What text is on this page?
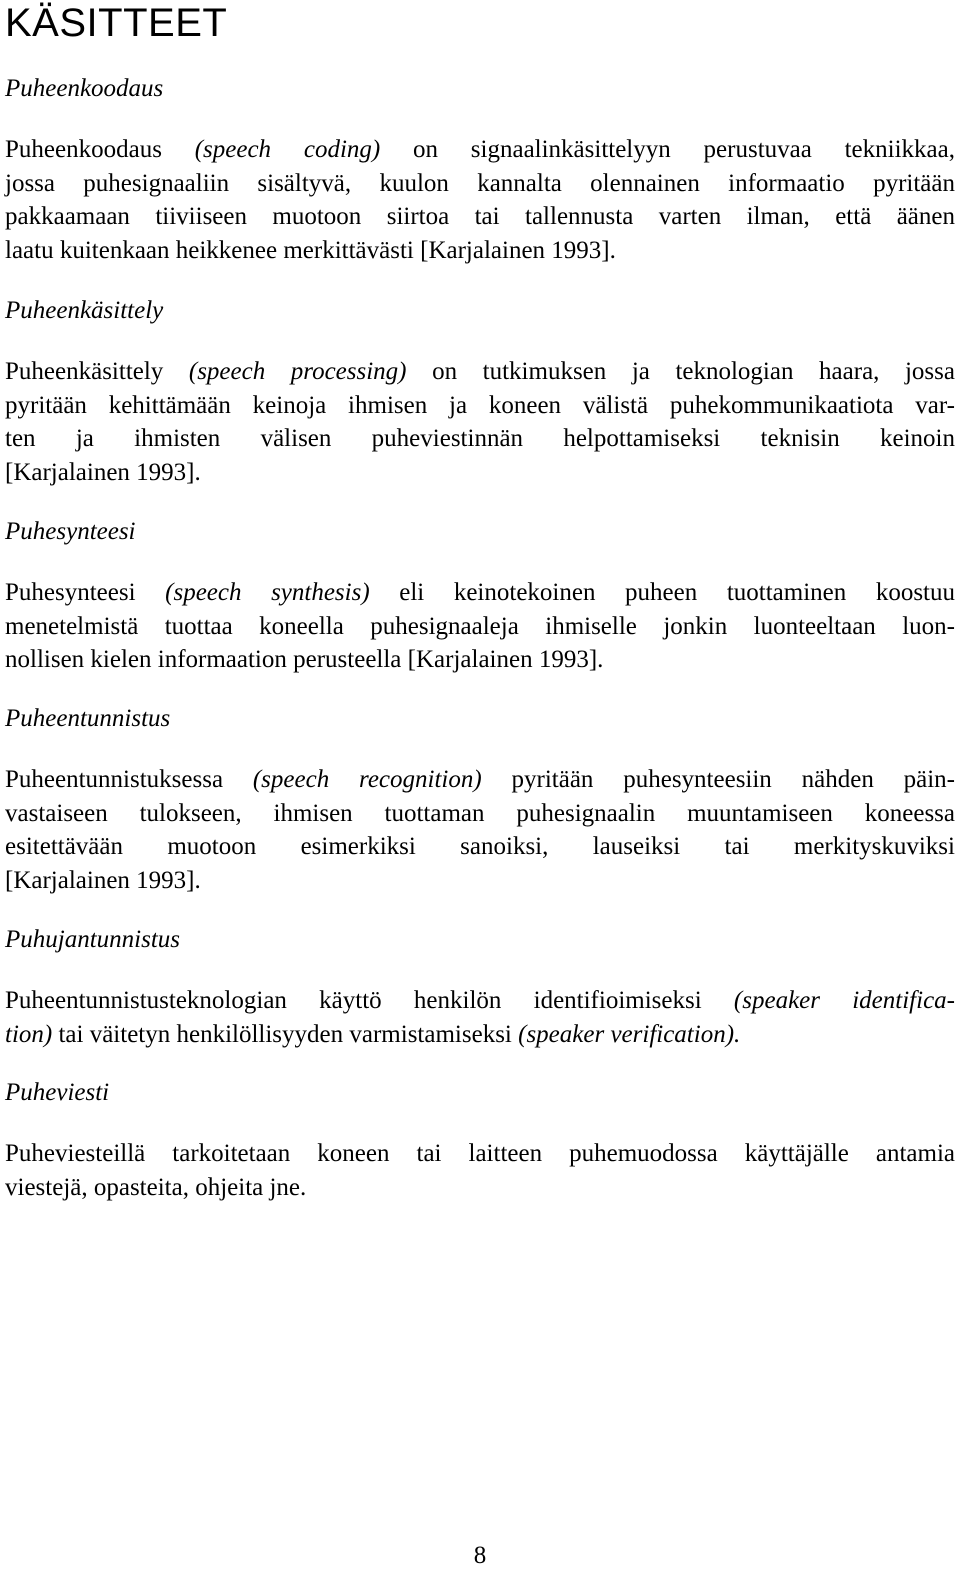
KÄSITTEET
Puheenkoodaus
Puheenkoodaus (speech coding) on signaalinkäsittelyyn perustuvaa tekniikkaa,
jossa puhesignaaliin sisältyvä, kuulon kannalta olennainen informaatio pyritään
pakkaamaan tiiviiseen muotoon siirtoa tai tallennusta varten ilman, että äänen
laatu kuitenkaan heikkenee merkittävästi [Karjalainen 1993].
Puheenkäsittely
Puheenkäsittely (speech processing) on tutkimuksen ja teknologian haara, jossa
pyritään kehittämään keinoja ihmisen ja koneen välistä puhekommunikaatiota var-
ten ja ihmisten välisen puheviestinnän helpottamiseksi teknisin keinoin
[Karjalainen 1993].
Puhesynteesi
Puhesynteesi (speech synthesis) eli keinotekoinen puheen tuottaminen koostuu
menetelmistä tuottaa koneella puhesignaaleja ihmiselle jonkin luonteeltaan luon-
nollisen kielen informaation perusteella [Karjalainen 1993].
Puheentunnistus
Puheentunnistuksessa (speech recognition) pyritään puhesynteesiin nähden päin-
vastaiseen tulokseen, ihmisen tuottaman puhesignaalin muuntamiseen koneessa
esitettävään muotoon esimerkiksi sanoiksi, lauseiksi tai merkityskuviksi
[Karjalainen 1993].
Puhujantunnistus
Puheentunnistusteknologian käyttö henkilön identifioimiseksi (speaker identifica-
tion) tai väitetyn henkilöllisyyden varmistamiseksi (speaker verification).
Puheviesti
Puheviesteillä tarkoitetaan koneen tai laitteen puhemuodossa käyttäjälle antamia
viestejä, opasteita, ohjeita jne.
8
